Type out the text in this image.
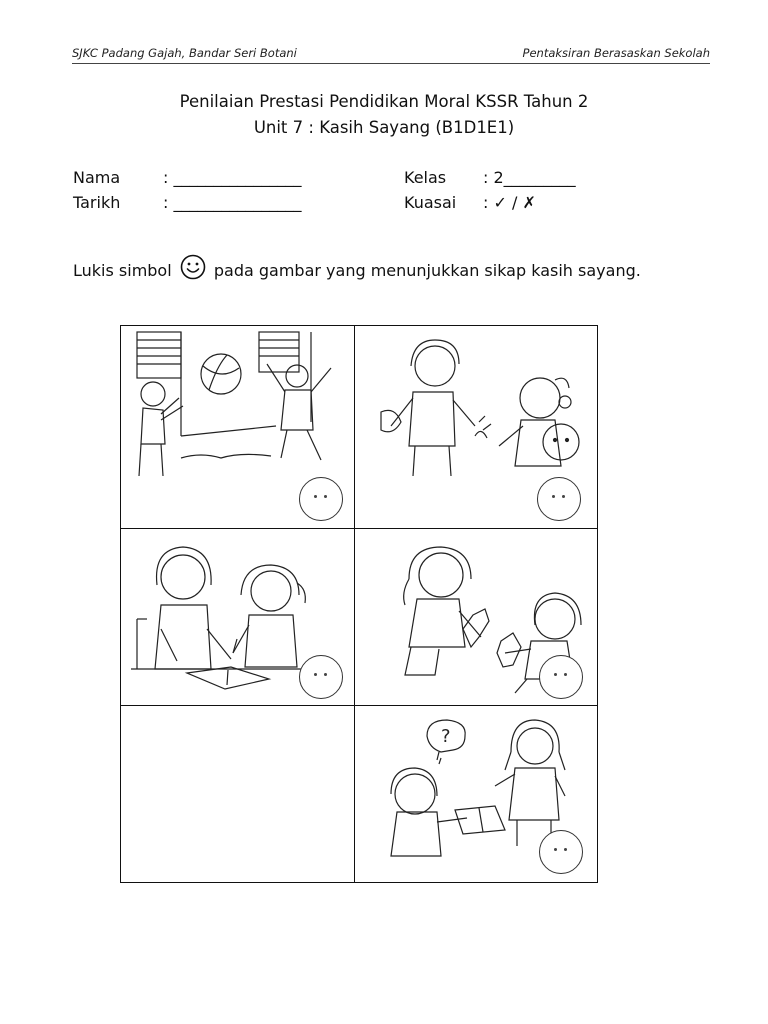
SJKC Padang Gajah, Bandar Seri Botani	Pentaksiran Berasaskan Sekolah
Penilaian Prestasi Pendidikan Moral KSSR Tahun 2
Unit 7 : Kasih Sayang (B1D1E1)
Nama	: ________________
Tarikh	: ________________
Kelas : 2_________
Kuasai : ✓ / ✗
Lukis simbol	pada gambar yang menunjukkan sikap kasih sayang.
?
